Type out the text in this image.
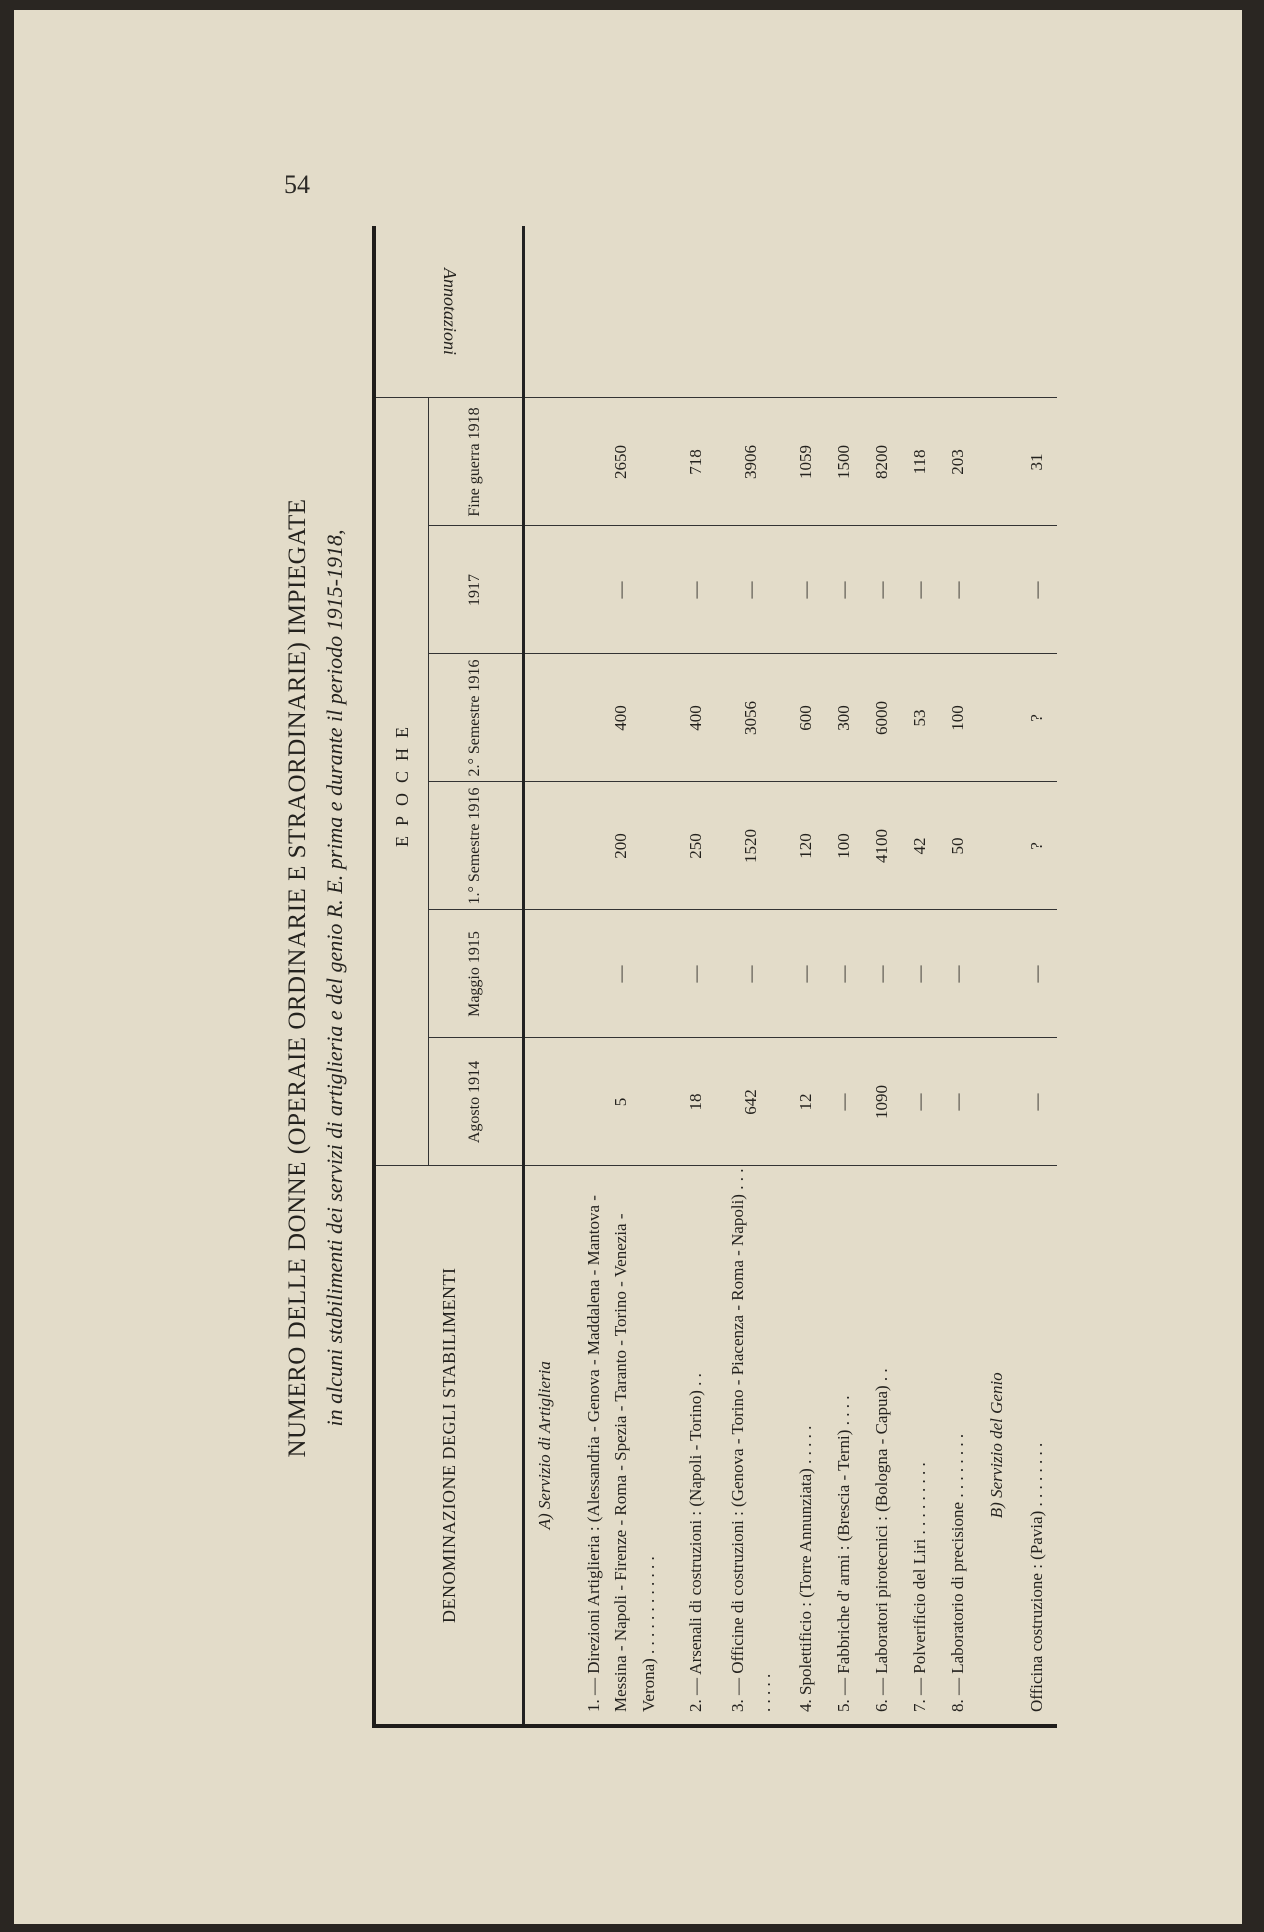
54
NUMERO DELLE DONNE (OPERAIE ORDINARIE E STRAORDINARIE) IMPIEGATE in alcuni stabilimenti dei servizi di artiglieria e del genio R. E. prima e durante il periodo 1915-1918,
DENOMINAZIONE DEGLI STABILIMENTI	EPOCHE						Annotazioni
	Agosto 1914	Maggio 1915	1.° Semestre 1916	2.° Semestre 1916	1917	Fine guerra 1918	
A) Servizio di Artiglieria							
1. — Direzioni Artiglieria : (Alessandria - Genova - Maddalena - Mantova - Messina - Napoli - Firenze - Roma - Spezia - Taranto - Torino - Venezia - Verona) . . . . . . . . . . . .	5	—	200	400	—	2650	
2. — Arsenali di costruzioni : (Napoli - Torino) . .	18	—	250	400	—	718	
3. — Officine di costruzioni : (Genova - Torino - Piacenza - Roma - Napoli) . . . . . . . .	642	—	1520	3056	—	3906	
4. Spolettificio : (Torre Annunziata) . . . . .	12	—	120	600	—	1059	
5. — Fabbriche d' armi : (Brescia - Terni) . . . .	—	—	100	300	—	1500	
6. — Laboratori pirotecnici : (Bologna - Capua) . .	1090	—	4100	6000	—	8200	
7. — Polverificio del Liri . . . . . . . . .	—	—	42	53	—	118	
8. — Laboratorio di precisione . . . . . . . .	—	—	50	100	—	203	
B) Servizio del Genio							
Officina costruzione : (Pavia) . . . . . . . .	—	—	?	?	—	31	
